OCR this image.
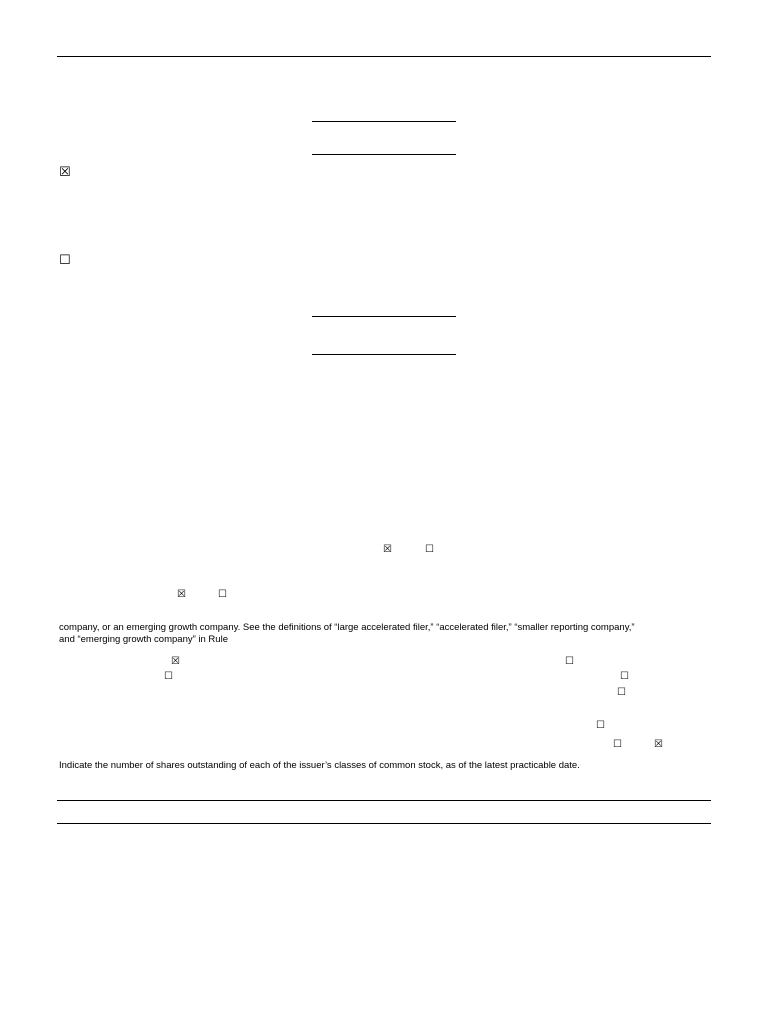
☒
☐
☒	☐
☒	☐
company, or an emerging growth company. See the definitions of “large accelerated filer,” “accelerated filer,” “smaller reporting company,”
and “emerging growth company” in Rule
☒	☐
☐	☐
☐
☐
☐	☒
Indicate the number of shares outstanding of each of the issuer’s classes of common stock, as of the latest practicable date.
